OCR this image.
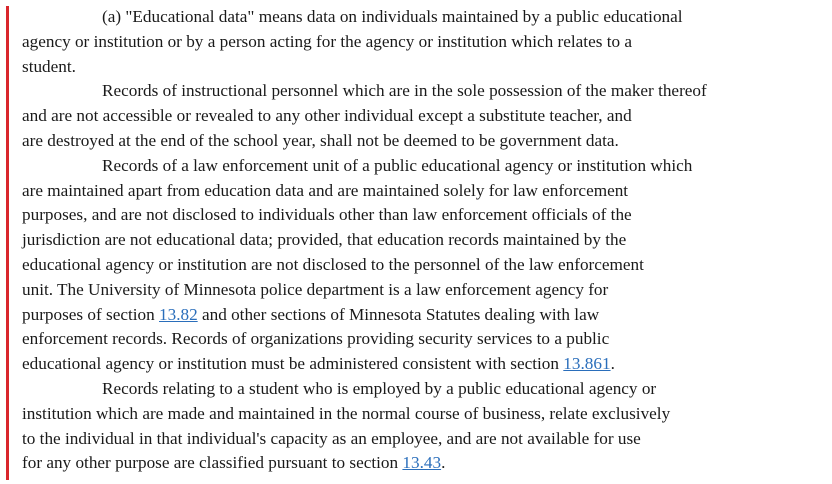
(a) "Educational data" means data on individuals maintained by a public educational
agency or institution or by a person acting for the agency or institution which relates to a
student.

Records of instructional personnel which are in the sole possession of the maker thereof
and are not accessible or revealed to any other individual except a substitute teacher, and
are destroyed at the end of the school year, shall not be deemed to be government data.

Records of a law enforcement unit of a public educational agency or institution which
are maintained apart from education data and are maintained solely for law enforcement
purposes, and are not disclosed to individuals other than law enforcement officials of the
jurisdiction are not educational data; provided, that education records maintained by the
educational agency or institution are not disclosed to the personnel of the law enforcement
unit. The University of Minnesota police department is a law enforcement agency for
purposes of section 13.82 and other sections of Minnesota Statutes dealing with law
enforcement records. Records of organizations providing security services to a public
educational agency or institution must be administered consistent with section 13.861.

Records relating to a student who is employed by a public educational agency or
institution which are made and maintained in the normal course of business, relate exclusively
to the individual in that individual's capacity as an employee, and are not available for use
for any other purpose are classified pursuant to section 13.43.
